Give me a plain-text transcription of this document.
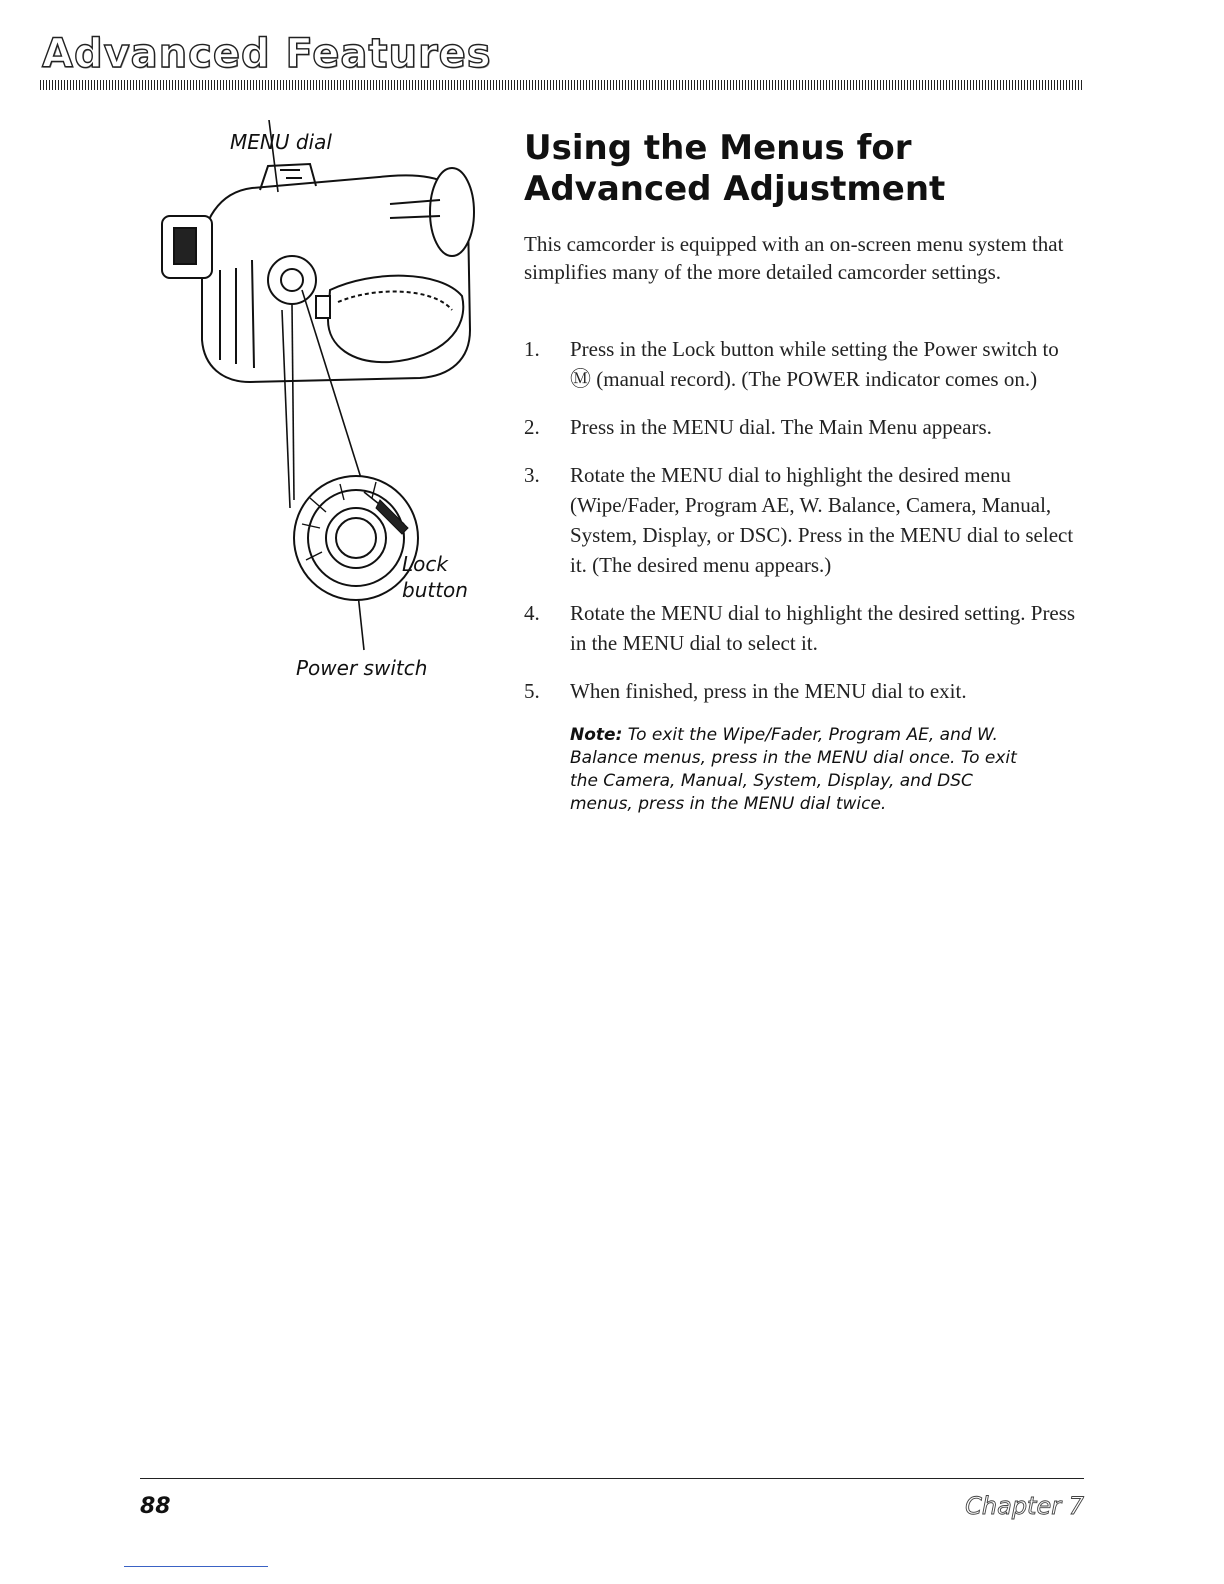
Advanced Features
MENU dial
Lock
button
Power switch
Using the Menus for
Advanced Adjustment

This camcorder is equipped with an on-screen menu system that simplifies many of the more detailed camcorder settings.

1.	Press in the Lock button while setting the Power switch to Ⓜ (manual record). (The POWER indicator comes on.)
2.	Press in the MENU dial. The Main Menu appears.
3.	Rotate the MENU dial to highlight the desired menu (Wipe/Fader, Program AE, W. Balance, Camera, Manual, System, Display, or DSC). Press in the MENU dial to select it. (The desired menu appears.)
4.	Rotate the MENU dial to highlight the desired setting. Press in the MENU dial to select it.
5.	When finished, press in the MENU dial to exit.
Note: To exit the Wipe/Fader, Program AE, and W. Balance menus, press in the MENU dial once. To exit the Camera, Manual, System, Display, and DSC menus, press in the MENU dial twice.
88	Chapter 7
